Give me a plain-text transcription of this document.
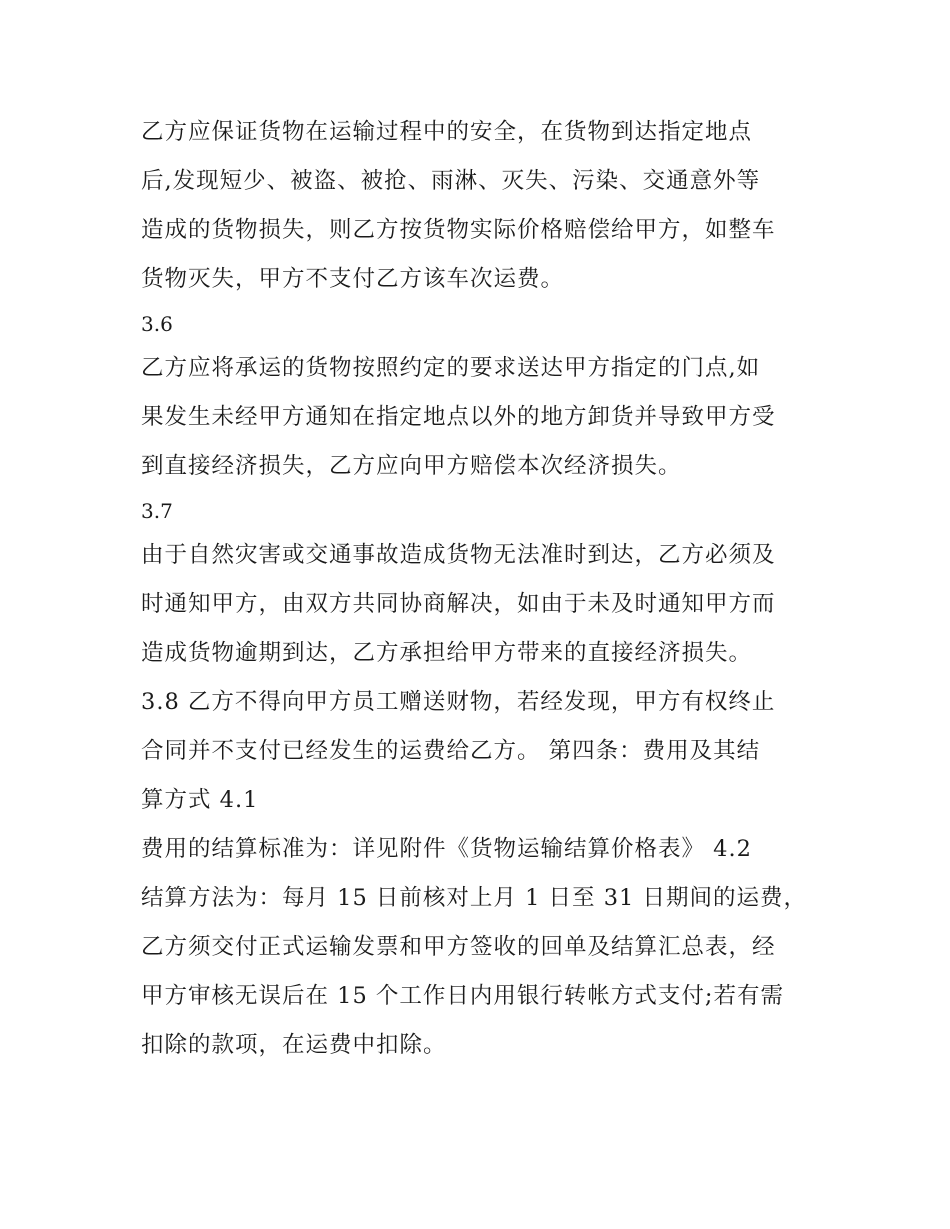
乙方应保证货物在运输过程中的安全，在货物到达指定地点
后,发现短少、被盗、被抢、雨淋、灭失、污染、交通意外等
造成的货物损失，则乙方按货物实际价格赔偿给甲方，如整车
货物灭失，甲方不支付乙方该车次运费。
3.6
乙方应将承运的货物按照约定的要求送达甲方指定的门点,如
果发生未经甲方通知在指定地点以外的地方卸货并导致甲方受
到直接经济损失，乙方应向甲方赔偿本次经济损失。
3.7
由于自然灾害或交通事故造成货物无法准时到达，乙方必须及
时通知甲方，由双方共同协商解决，如由于未及时通知甲方而
造成货物逾期到达，乙方承担给甲方带来的直接经济损失。
3.8 乙方不得向甲方员工赠送财物，若经发现，甲方有权终止
合同并不支付已经发生的运费给乙方。 第四条：费用及其结
算方式 4.1
费用的结算标准为：详见附件《货物运输结算价格表》 4.2
结算方法为：每月 15 日前核对上月 1 日至 31 日期间的运费，
乙方须交付正式运输发票和甲方签收的回单及结算汇总表，经
甲方审核无误后在 15 个工作日内用银行转帐方式支付;若有需
扣除的款项，在运费中扣除。
